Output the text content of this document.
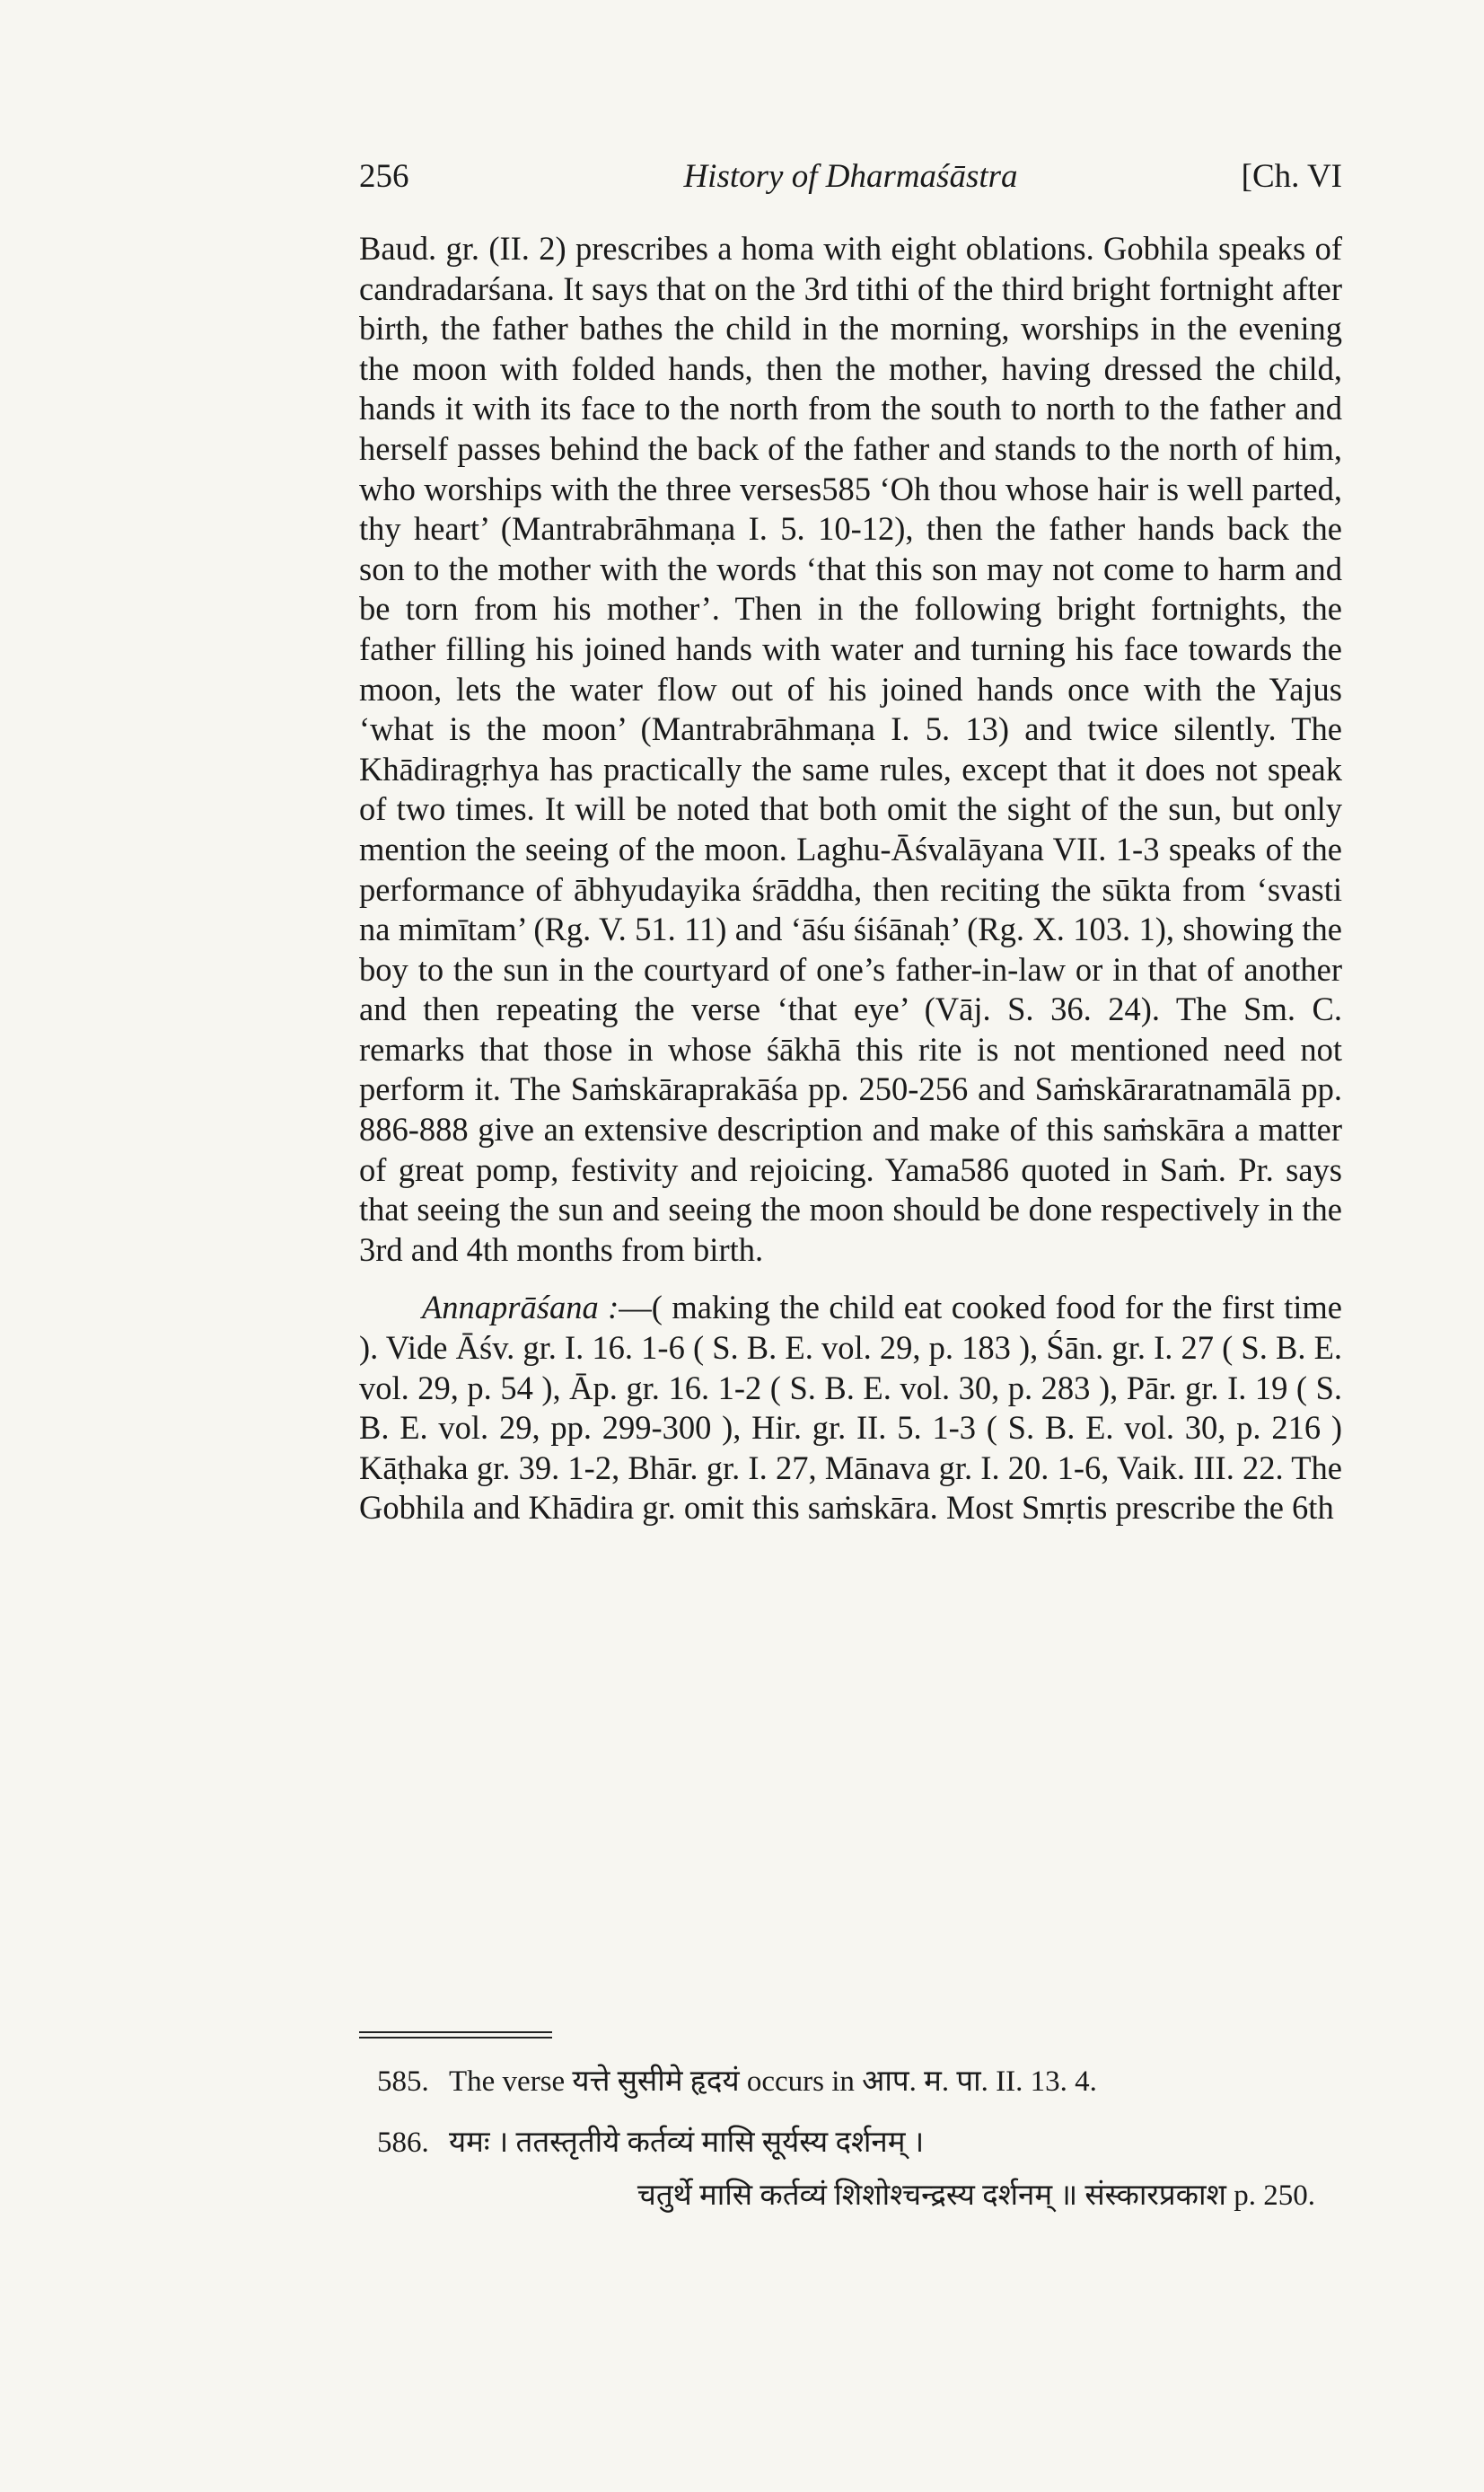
256	History of Dharmaśāstra	[Ch. VI

Baud. gr. (II. 2) prescribes a homa with eight oblations. Gobhila speaks of candradarśana. It says that on the 3rd tithi of the third bright fortnight after birth, the father bathes the child in the morning, worships in the evening the moon with folded hands, then the mother, having dressed the child, hands it with its face to the north from the south to north to the father and herself passes behind the back of the father and stands to the north of him, who worships with the three verses585 ‘Oh thou whose hair is well parted, thy heart’ (Mantrabrāhmaṇa I. 5. 10-12), then the father hands back the son to the mother with the words ‘that this son may not come to harm and be torn from his mother’. Then in the following bright fortnights, the father filling his joined hands with water and turning his face towards the moon, lets the water flow out of his joined hands once with the Yajus ‘what is the moon’ (Mantrabrāhmaṇa I. 5. 13) and twice silently. The Khādiragṛhya has practically the same rules, except that it does not speak of two times. It will be noted that both omit the sight of the sun, but only mention the seeing of the moon. Laghu-Āśvalāyana VII. 1-3 speaks of the performance of ābhyudayika śrāddha, then reciting the sūkta from ‘svasti na mimītam’ (Rg. V. 51. 11) and ‘āśu śiśānaḥ’ (Rg. X. 103. 1), showing the boy to the sun in the courtyard of one’s father-in-law or in that of another and then repeating the verse ‘that eye’ (Vāj. S. 36. 24). The Sm. C. remarks that those in whose śākhā this rite is not mentioned need not perform it. The Saṁskāraprakāśa pp. 250-256 and Saṁskāraratnamālā pp. 886-888 give an extensive description and make of this saṁskāra a matter of great pomp, festivity and rejoicing. Yama586 quoted in Saṁ. Pr. says that seeing the sun and seeing the moon should be done respectively in the 3rd and 4th months from birth.

Annaprāśana :—( making the child eat cooked food for the first time ). Vide Āśv. gr. I. 16. 1-6 ( S. B. E. vol. 29, p. 183 ), Śān. gr. I. 27 ( S. B. E. vol. 29, p. 54 ), Āp. gr. 16. 1-2 ( S. B. E. vol. 30, p. 283 ), Pār. gr. I. 19 ( S. B. E. vol. 29, pp. 299-300 ), Hir. gr. II. 5. 1-3 ( S. B. E. vol. 30, p. 216 ) Kāṭhaka gr. 39. 1-2, Bhār. gr. I. 27, Mānava gr. I. 20. 1-6, Vaik. III. 22. The Gobhila and Khādira gr. omit this saṁskāra. Most Smṛtis prescribe the 6th

585. The verse यत्ते सुसीमे हृदयं occurs in आप. म. पा. II. 13. 4.
586. यमः । ततस्तृतीये कर्तव्यं मासि सूर्यस्य दर्शनम् ।
चतुर्थे मासि कर्तव्यं शिशोश्चन्द्रस्य दर्शनम् ॥ संस्कारप्रकाश p. 250.
